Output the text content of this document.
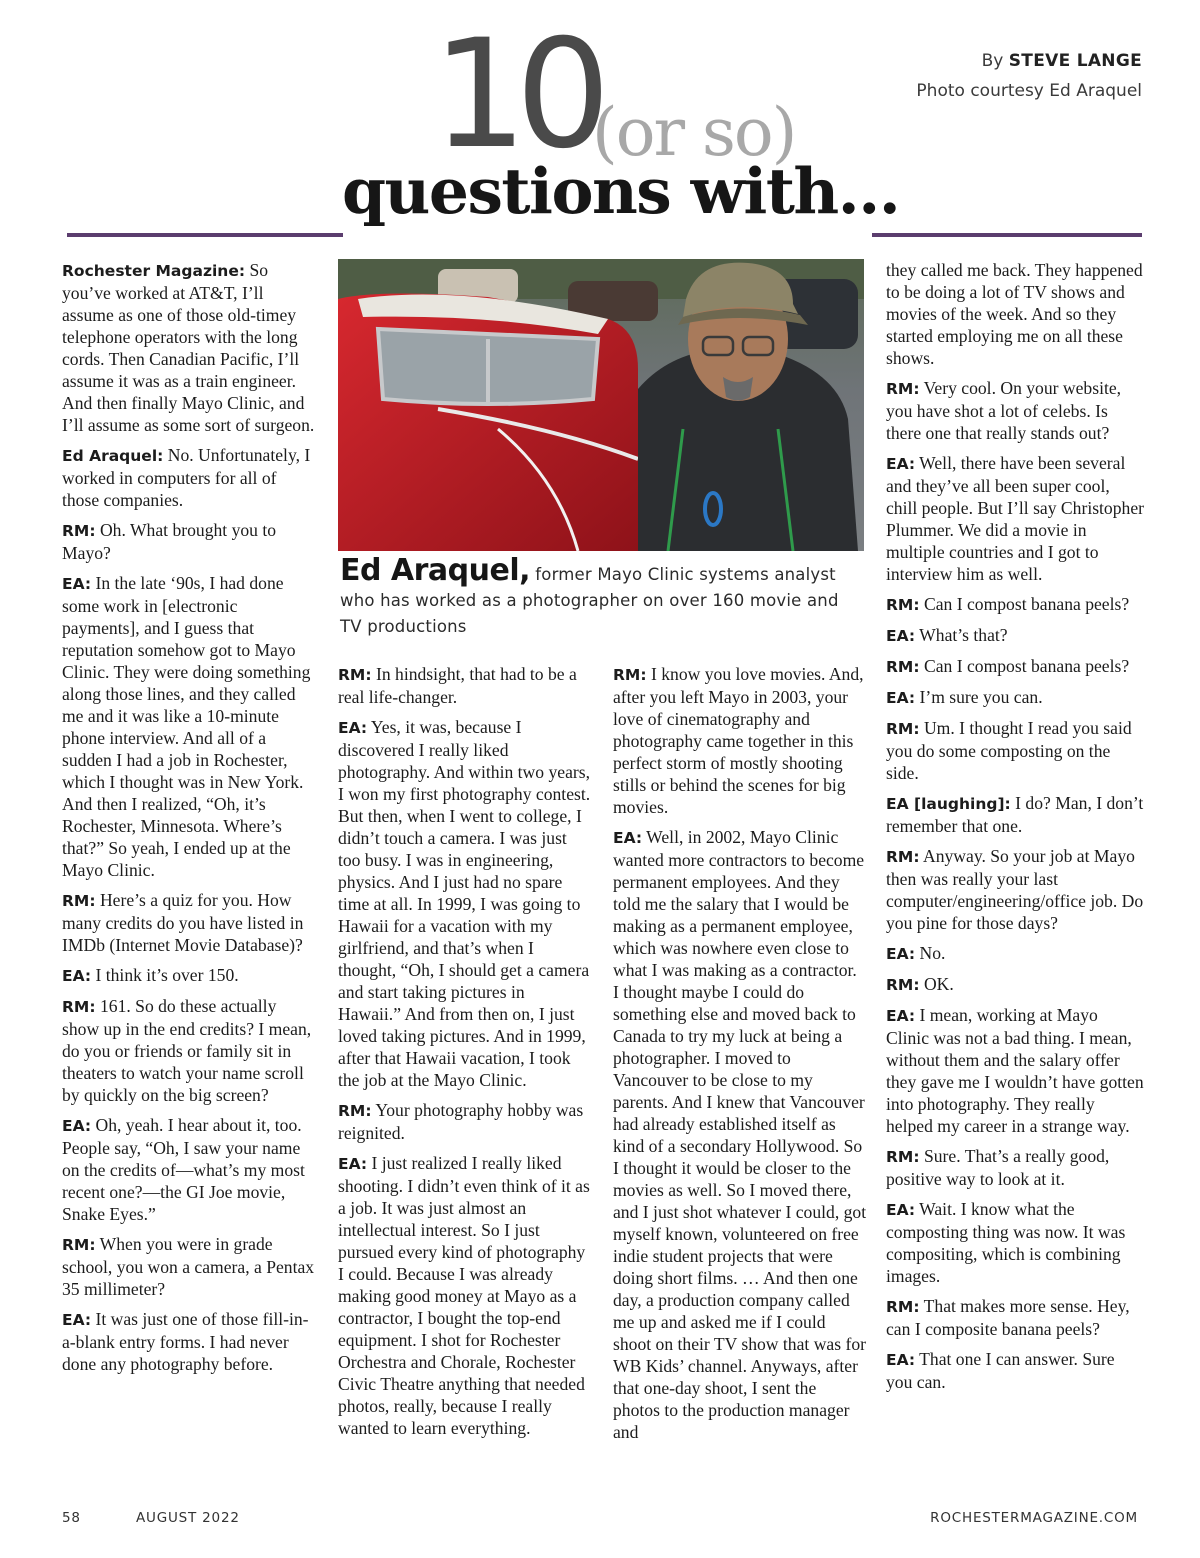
By STEVE LANGE
Photo courtesy Ed Araquel
10
(or so)
questions with…

Rochester Magazine: So you’ve worked at AT&T, I’ll assume as one of those old-timey telephone operators with the long cords. Then Canadian Pacific, I’ll assume it was as a train engineer. And then finally Mayo Clinic, and I’ll assume as some sort of surgeon.

Ed Araquel: No. Unfortunately, I worked in computers for all of those companies.

RM: Oh. What brought you to Mayo?

EA: In the late ‘90s, I had done some work in [electronic payments], and I guess that reputation somehow got to Mayo Clinic. They were doing something along those lines, and they called me and it was like a 10-minute phone interview. And all of a sudden I had a job in Rochester, which I thought was in New York. And then I realized, “Oh, it’s Rochester, Minnesota. Where’s that?” So yeah, I ended up at the Mayo Clinic.

RM: Here’s a quiz for you. How many credits do you have listed in IMDb (Internet Movie Database)?

EA: I think it’s over 150.

RM: 161. So do these actually show up in the end credits? I mean, do you or friends or family sit in theaters to watch your name scroll by quickly on the big screen?

EA: Oh, yeah. I hear about it, too. People say, “Oh, I saw your name on the credits of—what’s my most recent one?—the GI Joe movie, Snake Eyes.”

RM: When you were in grade school, you won a camera, a Pentax 35 millimeter?

EA: It was just one of those fill-in-a-blank entry forms. I had never done any photography before.

RM: In hindsight, that had to be a real life-changer.

EA: Yes, it was, because I discovered I really liked photography. And within two years, I won my first photography contest. But then, when I went to college, I didn’t touch a camera. I was just too busy. I was in engineering, physics. And I just had no spare time at all. In 1999, I was going to Hawaii for a vacation with my girlfriend, and that’s when I thought, “Oh, I should get a camera and start taking pictures in Hawaii.” And from then on, I just loved taking pictures. And in 1999, after that Hawaii vacation, I took the job at the Mayo Clinic.

RM: Your photography hobby was reignited.

EA: I just realized I really liked shooting. I didn’t even think of it as a job. It was just almost an intellectual interest. So I just pursued every kind of photography I could. Because I was already making good money at Mayo as a contractor, I bought the top-end equipment. I shot for Rochester Orchestra and Chorale, Rochester Civic Theatre anything that needed photos, really, because I really wanted to learn everything.

RM: I know you love movies. And, after you left Mayo in 2003, your love of cinematography and photography came together in this perfect storm of mostly shooting stills or behind the scenes for big movies.

EA: Well, in 2002, Mayo Clinic wanted more contractors to become permanent employees. And they told me the salary that I would be making as a permanent employee, which was nowhere even close to what I was making as a contractor. I thought maybe I could do something else and moved back to Canada to try my luck at being a photographer. I moved to Vancouver to be close to my parents. And I knew that Vancouver had already established itself as kind of a secondary Hollywood. So I thought it would be closer to the movies as well. So I moved there, and I just shot whatever I could, got myself known, volunteered on free indie student projects that were doing short films. … And then one day, a production company called me up and asked me if I could shoot on their TV show that was for WB Kids’ channel. Anyways, after that one-day shoot, I sent the photos to the production manager and

they called me back. They happened to be doing a lot of TV shows and movies of the week. And so they started employing me on all these shows.

RM: Very cool. On your website, you have shot a lot of celebs. Is there one that really stands out?

EA: Well, there have been several and they’ve all been super cool, chill people. But I’ll say Christopher Plummer. We did a movie in multiple countries and I got to interview him as well.

RM: Can I compost banana peels?

EA: What’s that?

RM: Can I compost banana peels?

EA: I’m sure you can.

RM: Um. I thought I read you said you do some composting on the side.

EA [laughing]: I do? Man, I don’t remember that one.

RM: Anyway. So your job at Mayo then was really your last computer/engineering/office job. Do you pine for those days?

EA: No.

RM: OK.

EA: I mean, working at Mayo Clinic was not a bad thing. I mean, without them and the salary offer they gave me I wouldn’t have gotten into photography. They really helped my career in a strange way.

RM: Sure. That’s a really good, positive way to look at it.

EA: Wait. I know what the composting thing was now. It was compositing, which is combining images.

RM: That makes more sense. Hey, can I composite banana peels?

EA: That one I can answer. Sure you can.

Ed Araquel, former Mayo Clinic systems analyst who has worked as a photographer on over 160 movie and TV productions
58	AUGUST 2022	ROCHESTERMAGAZINE.COM
